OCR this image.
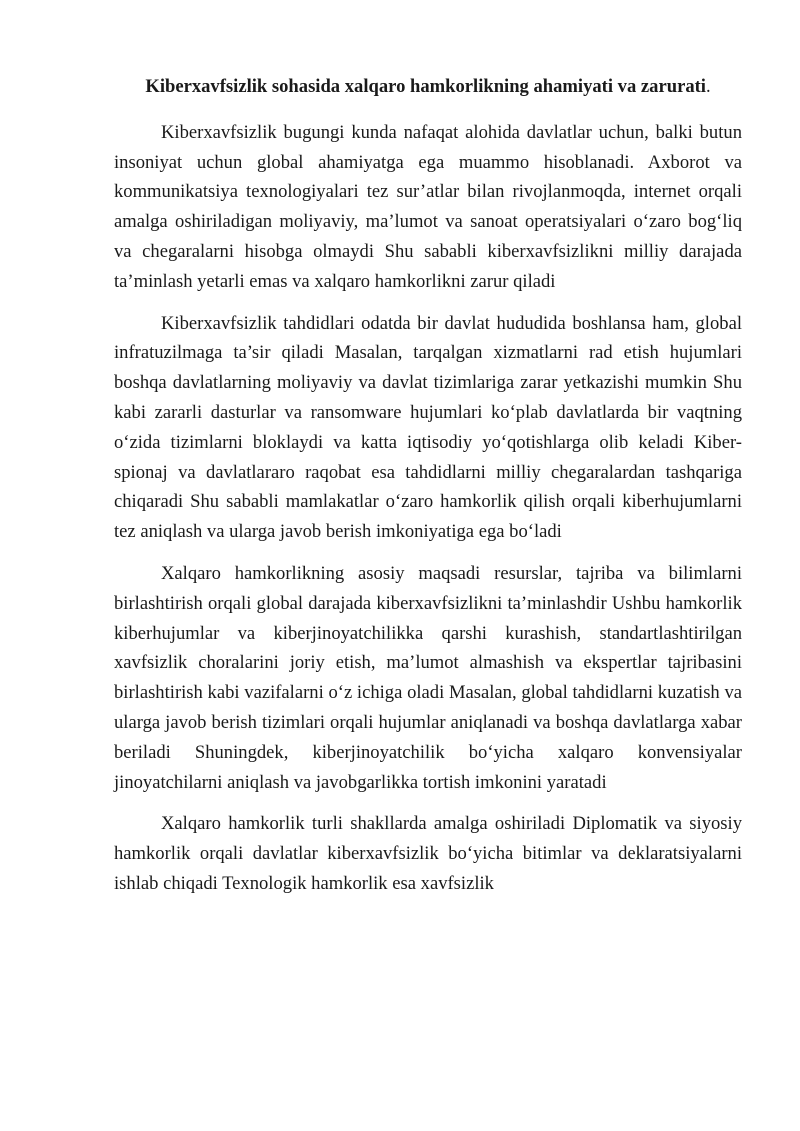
Kiberxavfsizlik sohasida xalqaro hamkorlikning ahamiyati va zarurati.

Kiberxavfsizlik bugungi kunda nafaqat alohida davlatlar uchun, balki butun insoniyat uchun global ahamiyatga ega muammo hisoblanadi. Axborot va kommunikatsiya texnologiyalari tez sur’atlar bilan rivojlanmoqda, internet orqali amalga oshiriladigan moliyaviy, ma’lumot va sanoat operatsiyalari o‘zaro bog‘liq va chegaralarni hisobga olmaydi Shu sababli kiberxavfsizlikni milliy darajada ta’minlash yetarli emas va xalqaro hamkorlikni zarur qiladi

Kiberxavfsizlik tahdidlari odatda bir davlat hududida boshlansa ham, global infratuzilmaga ta’sir qiladi Masalan, tarqalgan xizmatlarni rad etish hujumlari boshqa davlatlarning moliyaviy va davlat tizimlariga zarar yetkazishi mumkin Shu kabi zararli dasturlar va ransomware hujumlari ko‘plab davlatlarda bir vaqtning o‘zida tizimlarni bloklaydi va katta iqtisodiy yo‘qotishlarga olib keladi Kiber-spionaj va davlatlararo raqobat esa tahdidlarni milliy chegaralardan tashqariga chiqaradi Shu sababli mamlakatlar o‘zaro hamkorlik qilish orqali kiberhujumlarni tez aniqlash va ularga javob berish imkoniyatiga ega bo‘ladi

Xalqaro hamkorlikning asosiy maqsadi resurslar, tajriba va bilimlarni birlashtirish orqali global darajada kiberxavfsizlikni ta’minlashdir Ushbu hamkorlik kiberhujumlar va kiberjinoyatchilikka qarshi kurashish, standartlashtirilgan xavfsizlik choralarini joriy etish, ma’lumot almashish va ekspertlar tajribasini birlashtirish kabi vazifalarni o‘z ichiga oladi Masalan, global tahdidlarni kuzatish va ularga javob berish tizimlari orqali hujumlar aniqlanadi va boshqa davlatlarga xabar beriladi Shuningdek, kiberjinoyatchilik bo‘yicha xalqaro konvensiyalar jinoyatchilarni aniqlash va javobgarlikka tortish imkonini yaratadi

Xalqaro hamkorlik turli shakllarda amalga oshiriladi Diplomatik va siyosiy hamkorlik orqali davlatlar kiberxavfsizlik bo‘yicha bitimlar va deklaratsiyalarni ishlab chiqadi Texnologik hamkorlik esa xavfsizlik
